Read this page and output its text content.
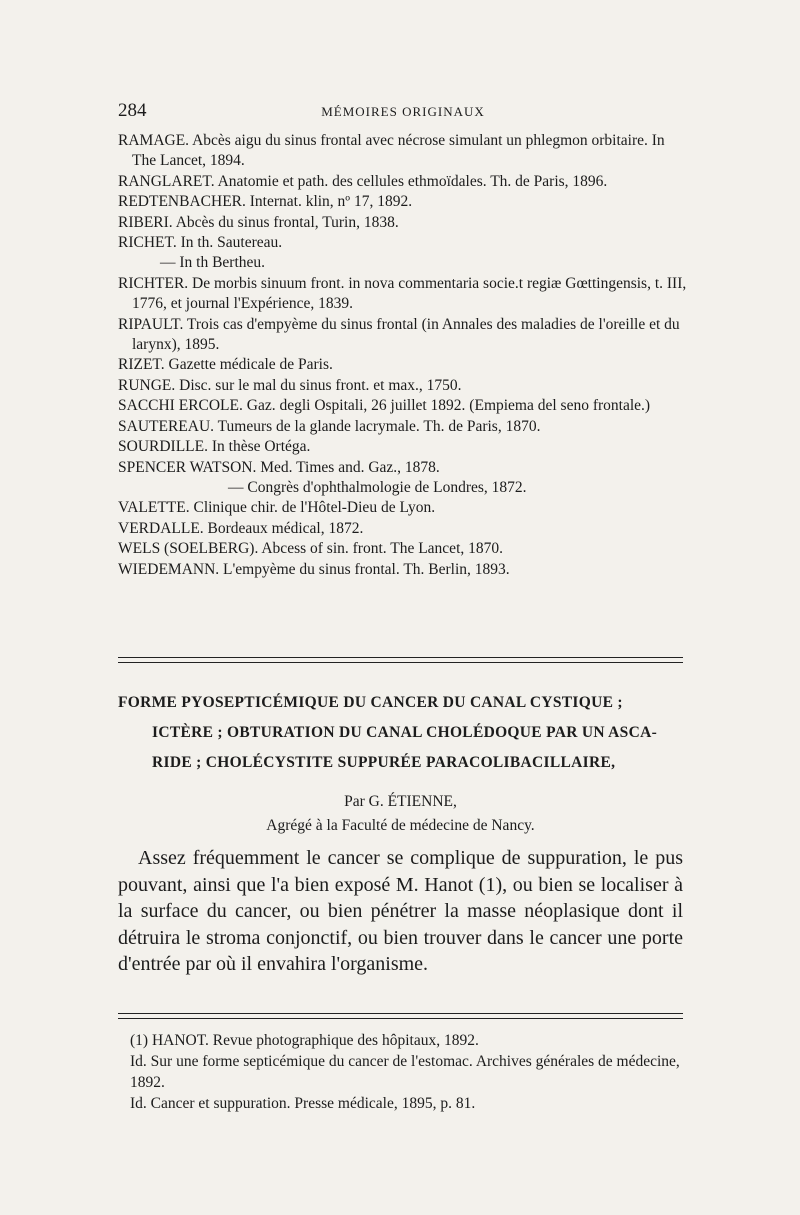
284	MÉMOIRES ORIGINAUX

RAMAGE. Abcès aigu du sinus frontal avec nécrose simulant un phlegmon orbitaire. In The Lancet, 1894.

RANGLARET. Anatomie et path. des cellules ethmoïdales. Th. de Paris, 1896.

REDTENBACHER. Internat. klin, nº 17, 1892.

RIBERI. Abcès du sinus frontal, Turin, 1838.

RICHET. In th. Sautereau.

— In th Bertheu.

RICHTER. De morbis sinuum front. in nova commentaria socie.t regiæ Gœttingensis, t. III, 1776, et journal l'Expérience, 1839.

RIPAULT. Trois cas d'empyème du sinus frontal (in Annales des maladies de l'oreille et du larynx), 1895.

RIZET. Gazette médicale de Paris.

RUNGE. Disc. sur le mal du sinus front. et max., 1750.

SACCHI ERCOLE. Gaz. degli Ospitali, 26 juillet 1892. (Empiema del seno frontale.)

SAUTEREAU. Tumeurs de la glande lacrymale. Th. de Paris, 1870.

SOURDILLE. In thèse Ortéga.

SPENCER WATSON. Med. Times and. Gaz., 1878.

— Congrès d'ophthalmologie de Londres, 1872.

VALETTE. Clinique chir. de l'Hôtel-Dieu de Lyon.

VERDALLE. Bordeaux médical, 1872.

WELS (SOELBERG). Abcess of sin. front. The Lancet, 1870.

WIEDEMANN. L'empyème du sinus frontal. Th. Berlin, 1893.

FORME PYOSEPTICÉMIQUE DU CANCER DU CANAL CYSTIQUE ;

ICTÈRE ; OBTURATION DU CANAL CHOLÉDOQUE PAR UN ASCA-

RIDE ; CHOLÉCYSTITE SUPPURÉE PARACOLIBACILLAIRE,

Par G. ÉTIENNE,

Agrégé à la Faculté de médecine de Nancy.

Assez fréquemment le cancer se complique de suppuration, le pus pouvant, ainsi que l'a bien exposé M. Hanot (1), ou bien se localiser à la surface du cancer, ou bien pénétrer la masse néoplasique dont il détruira le stroma conjonctif, ou bien trouver dans le cancer une porte d'entrée par où il envahira l'organisme.

(1) HANOT. Revue photographique des hôpitaux, 1892.

Id. Sur une forme septicémique du cancer de l'estomac. Archives générales de médecine, 1892.

Id. Cancer et suppuration. Presse médicale, 1895, p. 81.
